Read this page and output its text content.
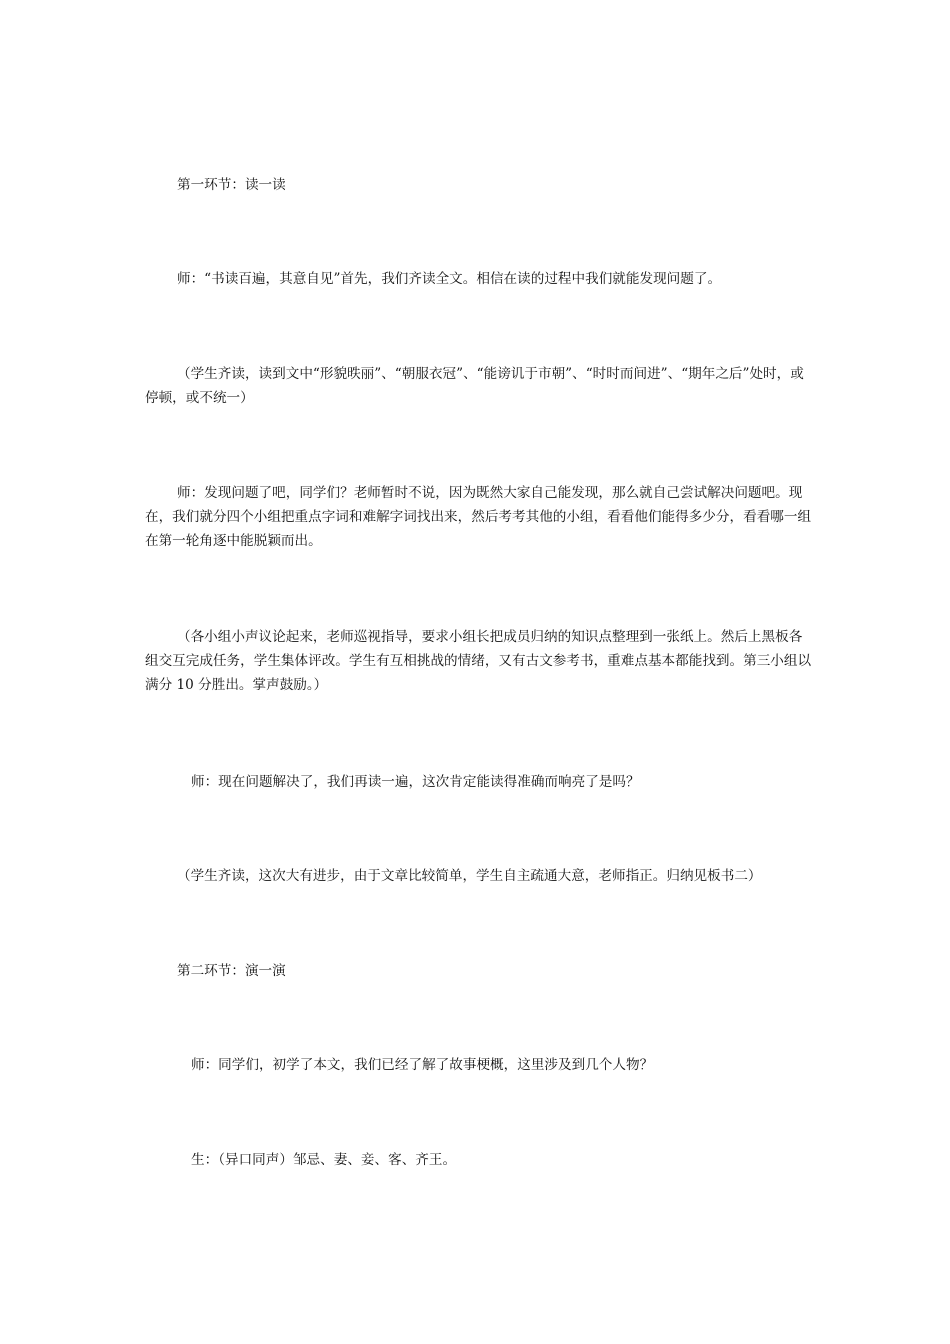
第一环节：读一读

师：“书读百遍，其意自见”首先，我们齐读全文。相信在读的过程中我们就能发现问题了。

（学生齐读，读到文中“形貌昳丽”、“朝服衣冠”、“能谤讥于市朝”、“时时而间进”、“期年之后”处时，或停顿，或不统一）

师：发现问题了吧，同学们？老师暂时不说，因为既然大家自己能发现，那么就自己尝试解决问题吧。现在，我们就分四个小组把重点字词和难解字词找出来，然后考考其他的小组，看看他们能得多少分，看看哪一组在第一轮角逐中能脱颖而出。

（各小组小声议论起来，老师巡视指导，要求小组长把成员归纳的知识点整理到一张纸上。然后上黑板各组交互完成任务，学生集体评改。学生有互相挑战的情绪，又有古文参考书，重难点基本都能找到。第三小组以满分 10 分胜出。掌声鼓励。）

师：现在问题解决了，我们再读一遍，这次肯定能读得准确而响亮了是吗？

（学生齐读，这次大有进步，由于文章比较简单，学生自主疏通大意，老师指正。归纳见板书二）

第二环节：演一演

师：同学们，初学了本文，我们已经了解了故事梗概，这里涉及到几个人物？

生：（异口同声）邹忌、妻、妾、客、齐王。
